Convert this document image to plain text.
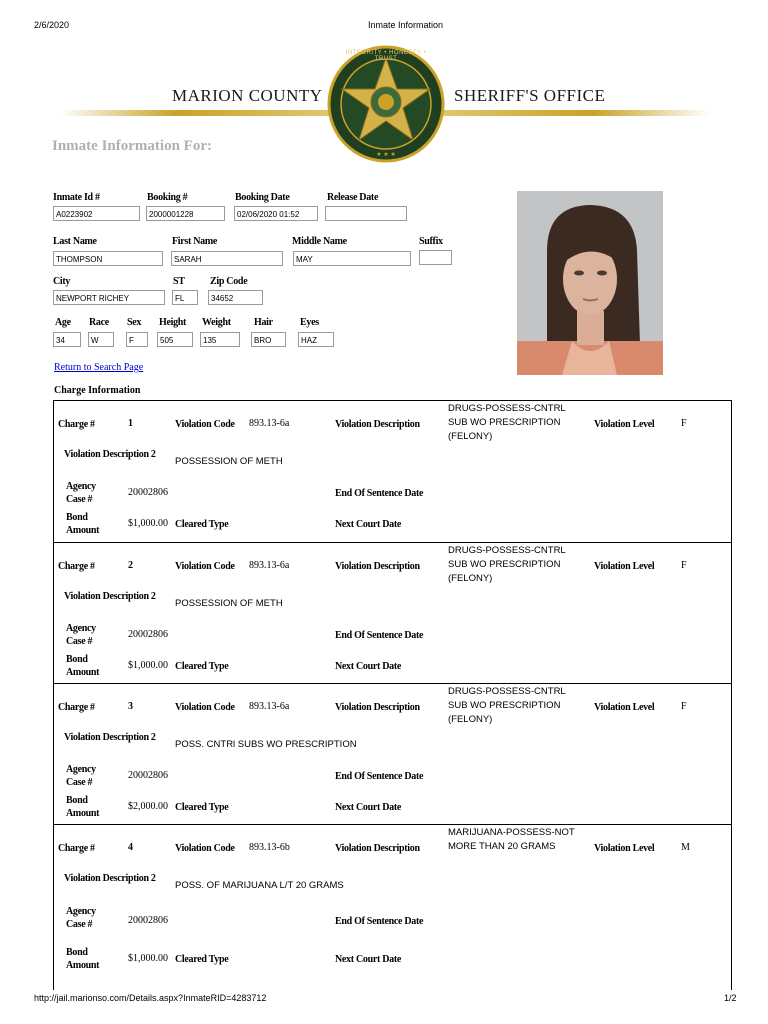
2/6/2020	Inmate Information
MARION COUNTY	SHERIFF'S OFFICE
★ ★ ★
INTEGRITY • HONESTY • TRUST
Inmate Information For:
Inmate Id #
A0223902
Booking #
2000001228
Booking Date
02/06/2020 01:52
Release Date
Last Name
THOMPSON
First Name
SARAH
Middle Name
MAY
Suffix
City
NEWPORT RICHEY
ST
FL
Zip Code
34652
Age
34
Race
W
Sex
F
Height
505
Weight
135
Hair
BRO
Eyes
HAZ
Return to Search Page
Charge Information
Charge #	1	Violation Code 893.13-6a	Violation Description
DRUGS-POSSESS-CNTRL SUB WO PRESCRIPTION (FELONY)
Violation Level	F
Violation Description 2
POSSESSION OF METH
Agency Case #
20002806	End Of Sentence Date
Bond Amount
$1,000.00 Cleared Type	Next Court Date
Charge #	2	Violation Code 893.13-6a	Violation Description
DRUGS-POSSESS-CNTRL SUB WO PRESCRIPTION (FELONY)
Violation Level	F
Violation Description 2
POSSESSION OF METH
Agency Case #
20002806	End Of Sentence Date
Bond Amount
$1,000.00 Cleared Type	Next Court Date
Charge #	3	Violation Code 893.13-6a	Violation Description
DRUGS-POSSESS-CNTRL SUB WO PRESCRIPTION (FELONY)
Violation Level	F
Violation Description 2
POSS. CNTRl SUBS WO PRESCRIPTION
Agency Case #
20002806	End Of Sentence Date
Bond Amount
$2,000.00 Cleared Type	Next Court Date
Charge #	4	Violation Code 893.13-6b	Violation Description
MARIJUANA-POSSESS-NOT MORE THAN 20 GRAMS	Violation Level	M
Violation Description 2
POSS. OF MARIJUANA L/T 20 GRAMS
Agency Case #	20002806	End Of Sentence Date
Bond Amount
$1,000.00 Cleared Type	Next Court Date
http://jail.marionso.com/Details.aspx?InmateRID=4283712	1/2
